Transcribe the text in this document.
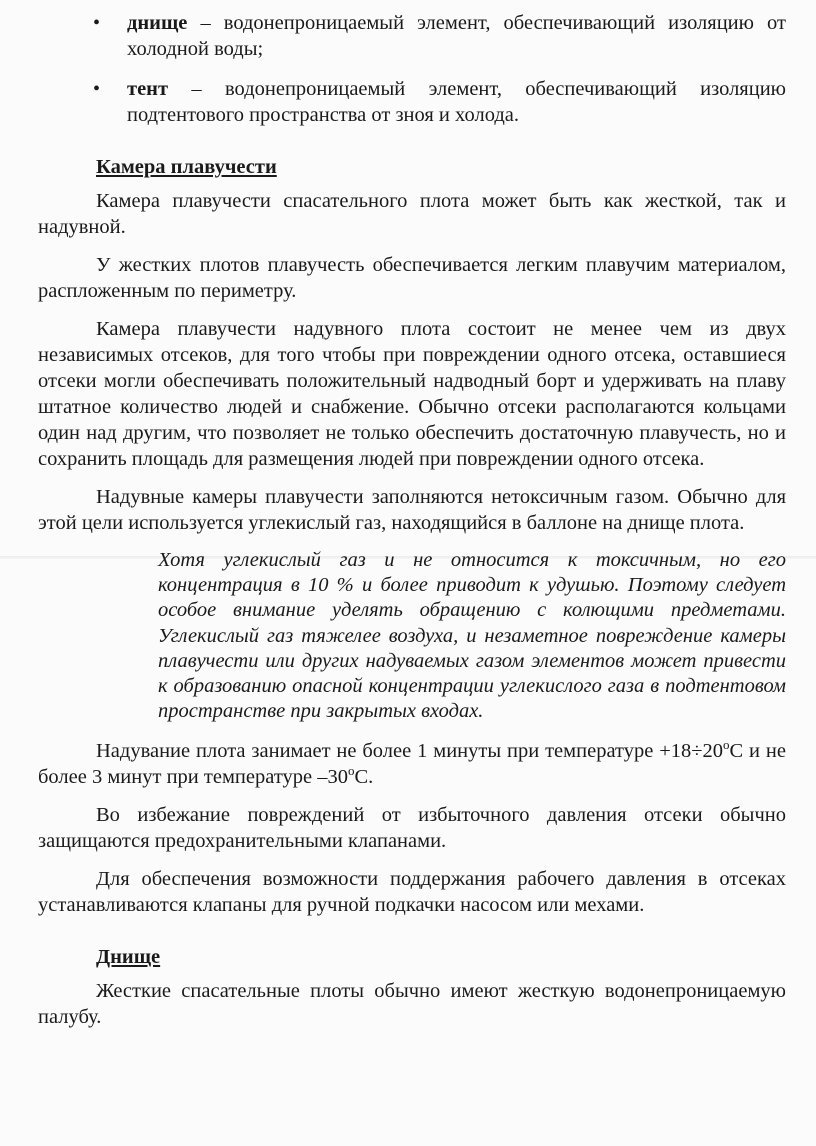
•	днище – водонепроницаемый элемент, обеспечивающий изоляцию от холодной воды;
•	тент – водонепроницаемый элемент, обеспечивающий изоляцию подтентового пространства от зноя и холода.
Камера плавучести

Камера плавучести спасательного плота может быть как жесткой, так и надувной.

У жестких плотов плавучесть обеспечивается легким плавучим материалом, распложенным по периметру.

Камера плавучести надувного плота состоит не менее чем из двух независимых отсеков, для того чтобы при повреждении одного отсека, оставшиеся отсеки могли обеспечивать положительный надводный борт и удерживать на плаву штатное количество людей и снабжение. Обычно отсеки располагаются кольцами один над другим, что позволяет не только обеспечить достаточную плавучесть, но и сохранить площадь для размещения людей при повреждении одного отсека.

Надувные камеры плавучести заполняются нетоксичным газом. Обычно для этой цели используется углекислый газ, находящийся в баллоне на днище плота.

Хотя углекислый газ и не относится к токсичным, но его концентрация в 10 % и более приводит к удушью. Поэтому следует особое внимание уделять обращению с колющими предметами. Углекислый газ тяжелее воздуха, и незаметное повреждение камеры плавучести или других надуваемых газом элементов может привести к образованию опасной концентрации углекислого газа в подтентовом пространстве при закрытых входах.

Надувание плота занимает не более 1 минуты при температуре $+18\div 20^oС$ и не более 3 минут при температуре –30$^o$С.

Во избежание повреждений от избыточного давления отсеки обычно защищаются предохранительными клапанами.

Для обеспечения возможности поддержания рабочего давления в отсеках устанавливаются клапаны для ручной подкачки насосом или мехами.

Днище

Жесткие спасательные плоты обычно имеют жесткую водонепроницаемую палубу.
